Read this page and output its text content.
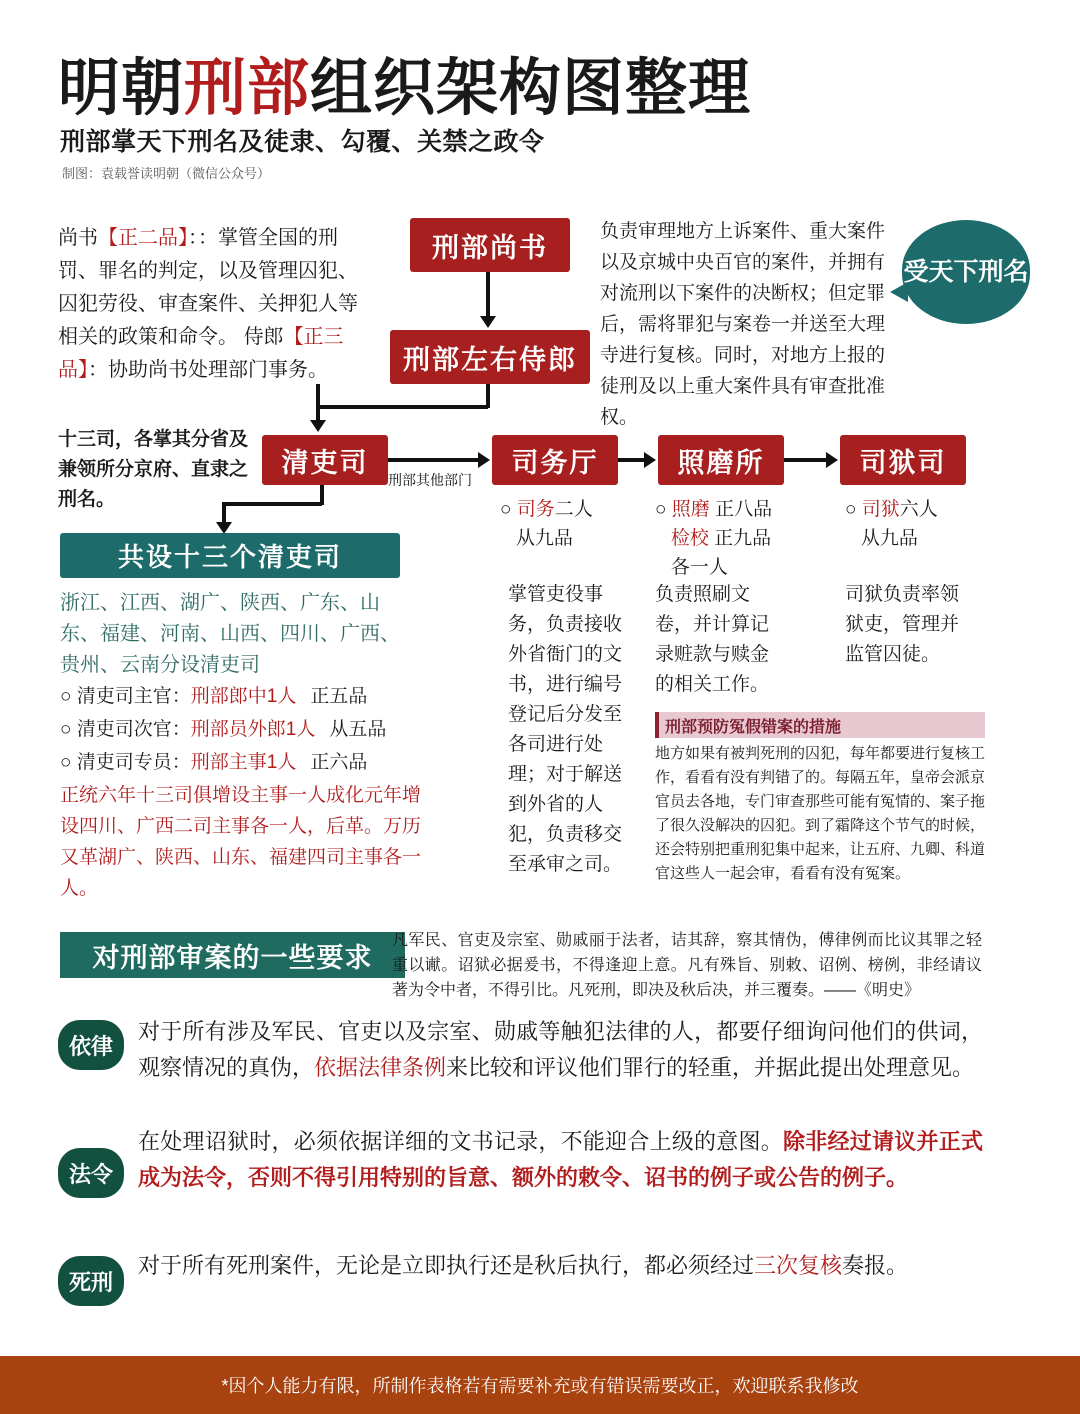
明朝刑部组织架构图整理
刑部掌天下刑名及徒隶、勾覆、关禁之政令
制图：袁载誉读明朝（微信公众号）
尚书【正二品】：：掌管全国的刑罚、罪名的判定，以及管理囚犯、囚犯劳役、审查案件、关押犯人等相关的政策和命令。 侍郎【正三品】：协助尚书处理部门事务。
十三司，各掌其分省及兼领所分京府、直隶之刑名。
负责审理地方上诉案件、重大案件以及京城中央百官的案件，并拥有对流刑以下案件的决断权；但定罪后，需将罪犯与案卷一并送至大理寺进行复核。同时，对地方上报的徒刑及以上重大案件具有审查批准权。
受天下刑名
刑部尚书
刑部左右侍郎
清吏司	司务厅	照磨所	司狱司
刑部其他部门
共设十三个清吏司
○ 司务二人
从九品
掌管吏役事务，负责接收外省衙门的文书，进行编号登记后分发至各司进行处理；对于解送到外省的人犯，负责移交至承审之司。
○ 照磨 正八品
检校 正九品
各一人
负责照刷文卷，并计算记录赃款与赎金的相关工作。
○ 司狱六人
从九品
司狱负责率领狱吏，管理并监管囚徒。
浙江、江西、湖广、陕西、广东、山东、福建、河南、山西、四川、广西、贵州、云南分设清吏司
○ 清吏司主官：刑部郎中1人 正五品
○ 清吏司次官：刑部员外郎1人 从五品
○ 清吏司专员：刑部主事1人 正六品
正统六年十三司俱增设主事一人成化元年增设四川、广西二司主事各一人，后革。万历又革湖广、陕西、山东、福建四司主事各一人。
刑部预防冤假错案的措施
地方如果有被判死刑的囚犯，每年都要进行复核工作，看看有没有判错了的。每隔五年，皇帝会派京官员去各地，专门审查那些可能有冤情的、案子拖了很久没解决的囚犯。到了霜降这个节气的时候，还会特别把重刑犯集中起来，让五府、九卿、科道官这些人一起会审，看看有没有冤案。
对刑部审案的一些要求
凡军民、官吏及宗室、勋戚丽于法者，诘其辞，察其情伪，傅律例而比议其罪之轻重以谳。诏狱必据爰书，不得逢迎上意。凡有殊旨、别敕、诏例、榜例，非经请议著为令中者，不得引比。凡死刑，即决及秋后决，并三覆奏。——《明史》
依律
对于所有涉及军民、官吏以及宗室、勋戚等触犯法律的人，都要仔细询问他们的供词，观察情况的真伪，依据法律条例来比较和评议他们罪行的轻重，并据此提出处理意见。
法令
在处理诏狱时，必须依据详细的文书记录，不能迎合上级的意图。除非经过请议并正式成为法令，否则不得引用特别的旨意、额外的敕令、诏书的例子或公告的例子。
死刑
对于所有死刑案件，无论是立即执行还是秋后执行，都必须经过三次复核奏报。
*因个人能力有限，所制作表格若有需要补充或有错误需要改正，欢迎联系我修改
